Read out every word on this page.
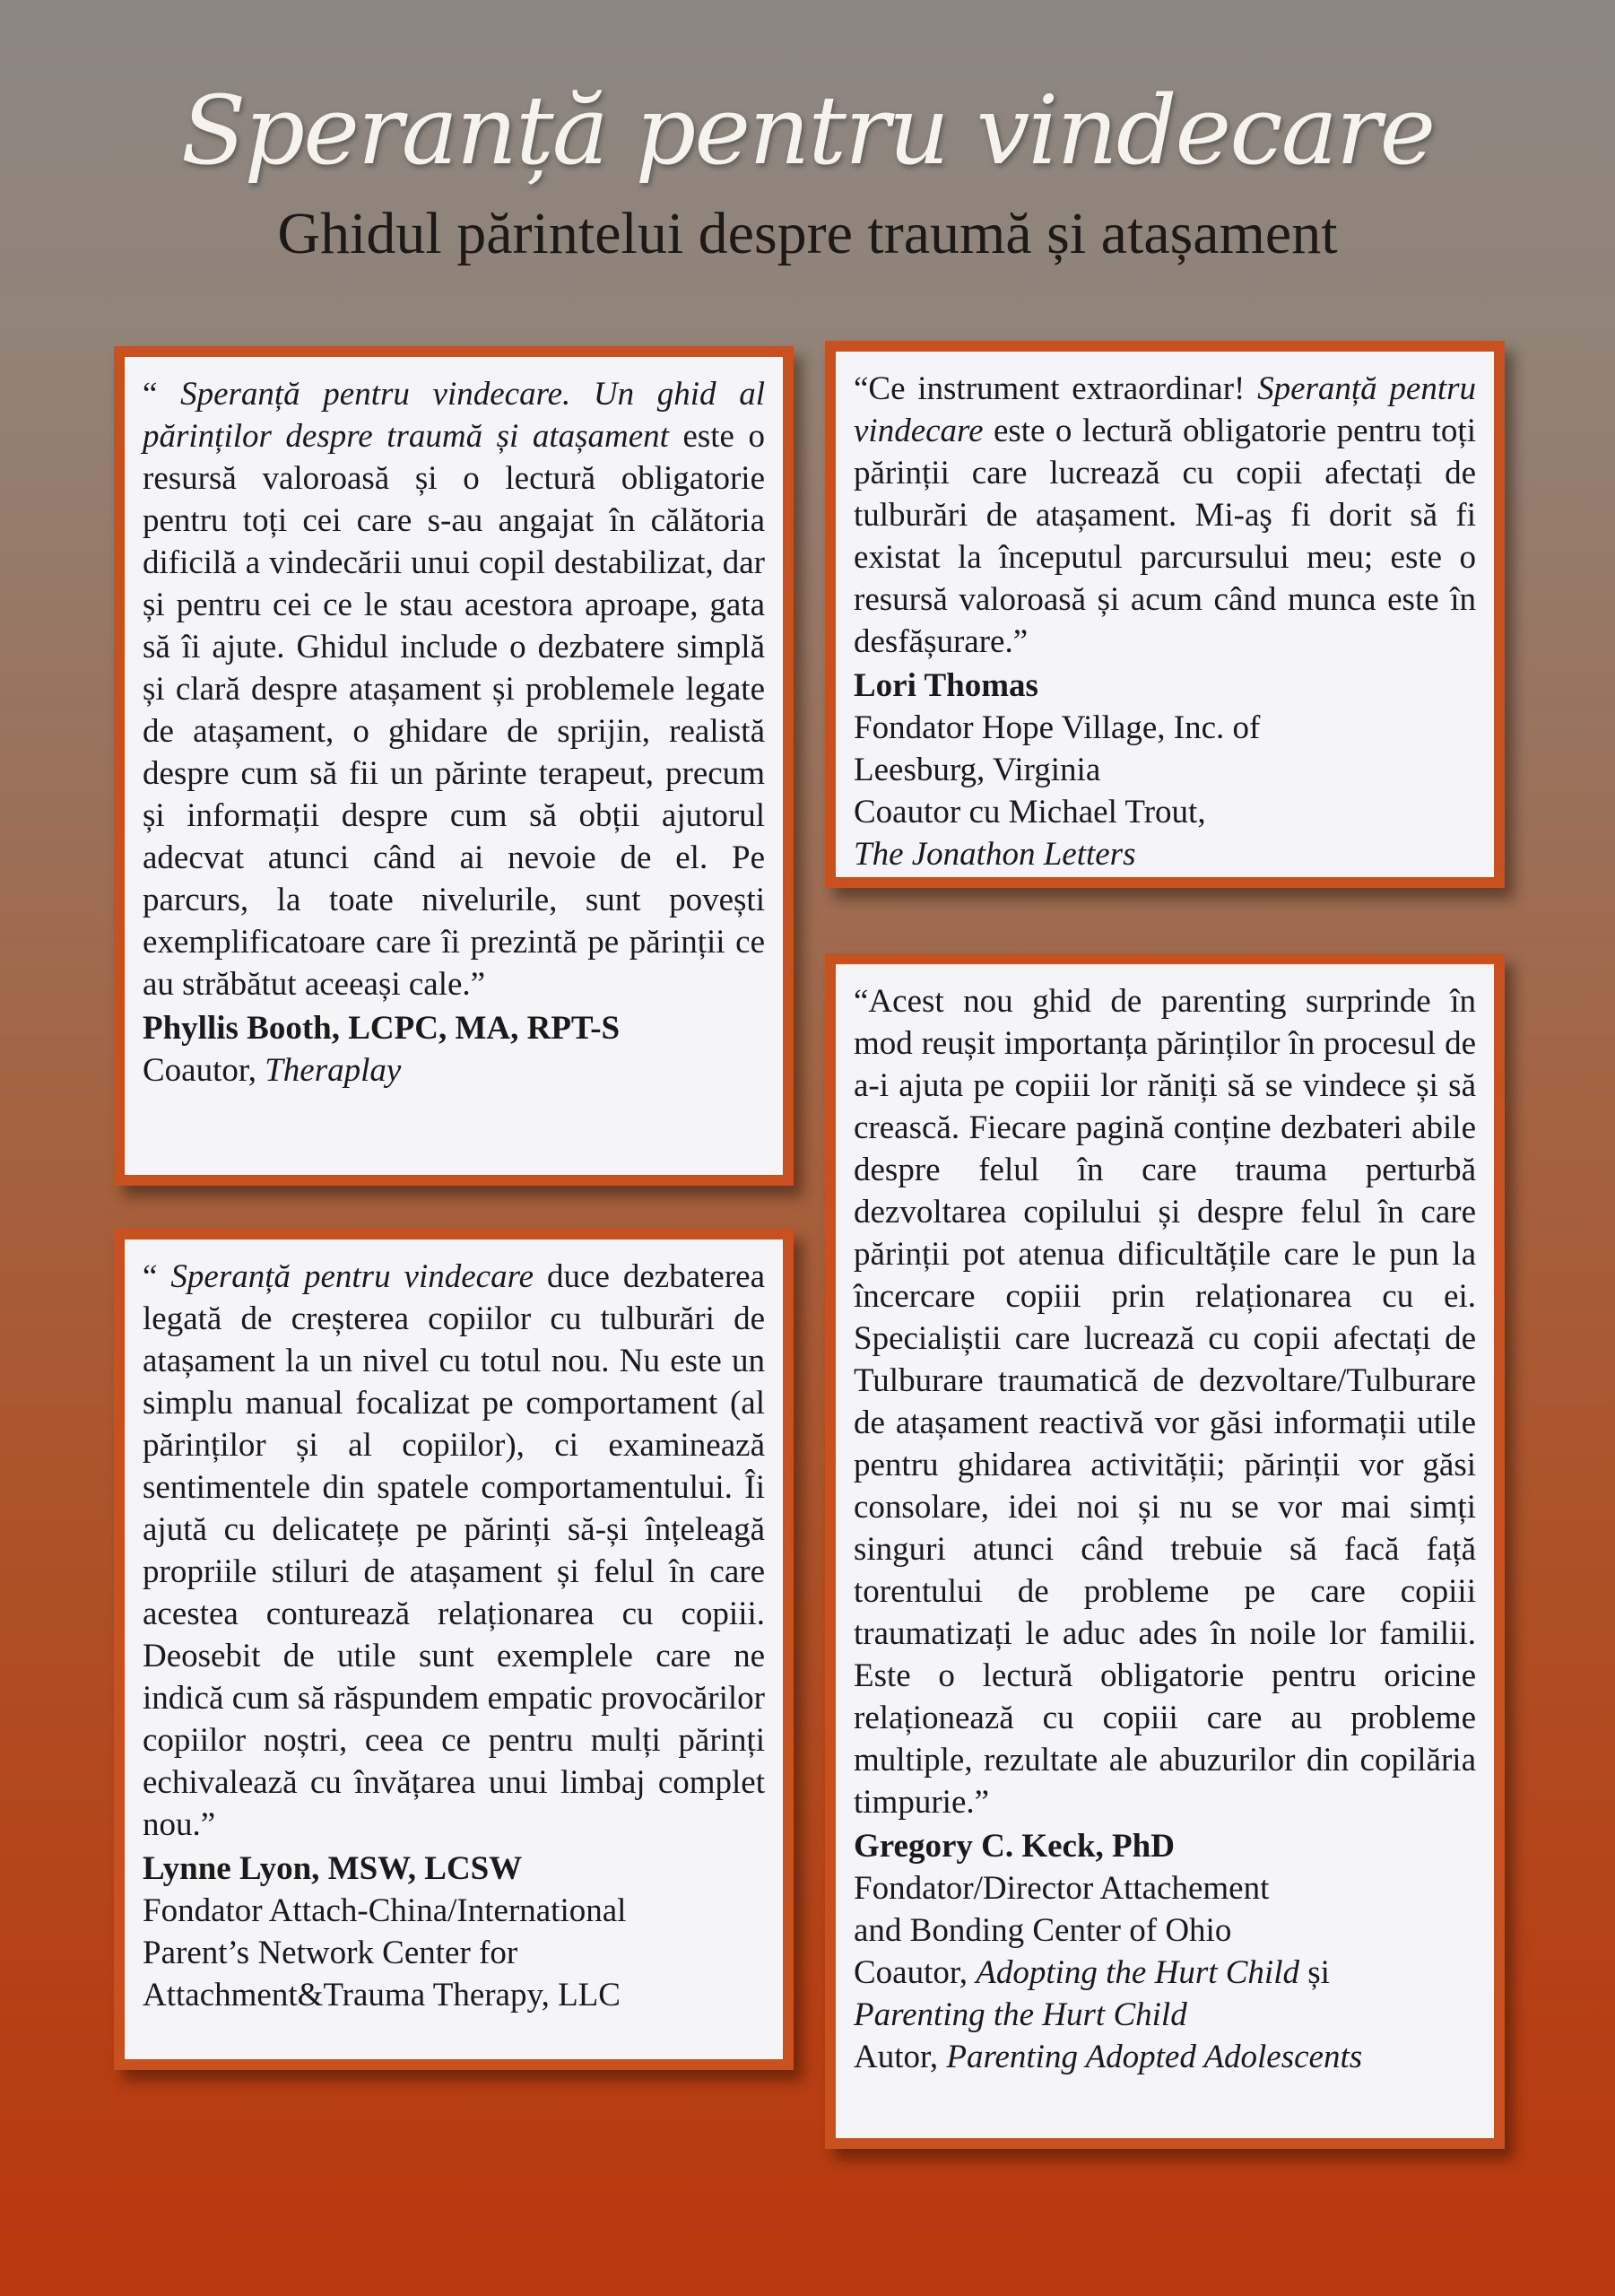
Speranță pentru vindecare
Ghidul părintelui despre traumă și atașament

“ Speranță pentru vindecare. Un ghid al părinților despre traumă și atașament este o resursă valoroasă și o lectură obligatorie pentru toți cei care s-au angajat în călătoria dificilă a vindecării unui copil destabilizat, dar și pentru cei ce le stau acestora aproape, gata să îi ajute. Ghidul include o dezbatere simplă și clară despre atașament și problemele legate de atașament, o ghidare de sprijin, realistă despre cum să fii un părinte terapeut, precum și informații despre cum să obții ajutorul adecvat atunci când ai nevoie de el. Pe parcurs, la toate nivelurile, sunt povești exemplificatoare care îi prezintă pe părinții ce au străbătut aceeași cale.”

Phyllis Booth, LCPC, MA, RPT-S
Coautor, Theraplay

“Ce instrument extraordinar! Speranță pentru vindecare este o lectură obligatorie pentru toți părinții care lucrează cu copii afectați de tulburări de atașament. Mi-aş fi dorit să fi existat la începutul parcursului meu; este o resursă valoroasă și acum când munca este în desfășurare.”

Lori Thomas
Fondator Hope Village, Inc. of
Leesburg, Virginia
Coautor cu Michael Trout,
The Jonathon Letters

“ Speranță pentru vindecare duce dezbaterea legată de creșterea copiilor cu tulburări de atașament la un nivel cu totul nou. Nu este un simplu manual focalizat pe comportament (al părinților și al copiilor), ci examinează sentimentele din spatele comportamentului. Îi ajută cu delicatețe pe părinți să-și înțeleagă propriile stiluri de atașament și felul în care acestea conturează relaționarea cu copiii. Deosebit de utile sunt exemplele care ne indică cum să răspundem empatic provocărilor copiilor noștri, ceea ce pentru mulți părinți echivalează cu învățarea unui limbaj complet nou.”

Lynne Lyon, MSW, LCSW
Fondator Attach-China/International
Parent’s Network Center for
Attachment&Trauma Therapy, LLC

“Acest nou ghid de parenting surprinde în mod reușit importanța părinților în procesul de a-i ajuta pe copiii lor răniți să se vindece și să crească. Fiecare pagină conține dezbateri abile despre felul în care trauma perturbă dezvoltarea copilului și despre felul în care părinții pot atenua dificultățile care le pun la încercare copiii prin relaționarea cu ei. Specialiștii care lucrează cu copii afectați de Tulburare traumatică de dezvoltare/Tulburare de atașament reactivă vor găsi informații utile pentru ghidarea activității; părinții vor găsi consolare, idei noi și nu se vor mai simți singuri atunci când trebuie să facă față torentului de probleme pe care copiii traumatizați le aduc ades în noile lor familii. Este o lectură obligatorie pentru oricine relaționează cu copiii care au probleme multiple, rezultate ale abuzurilor din copilăria timpurie.”

Gregory C. Keck, PhD
Fondator/Director Attachement
and Bonding Center of Ohio
Coautor, Adopting the Hurt Child și
Parenting the Hurt Child
Autor, Parenting Adopted Adolescents
